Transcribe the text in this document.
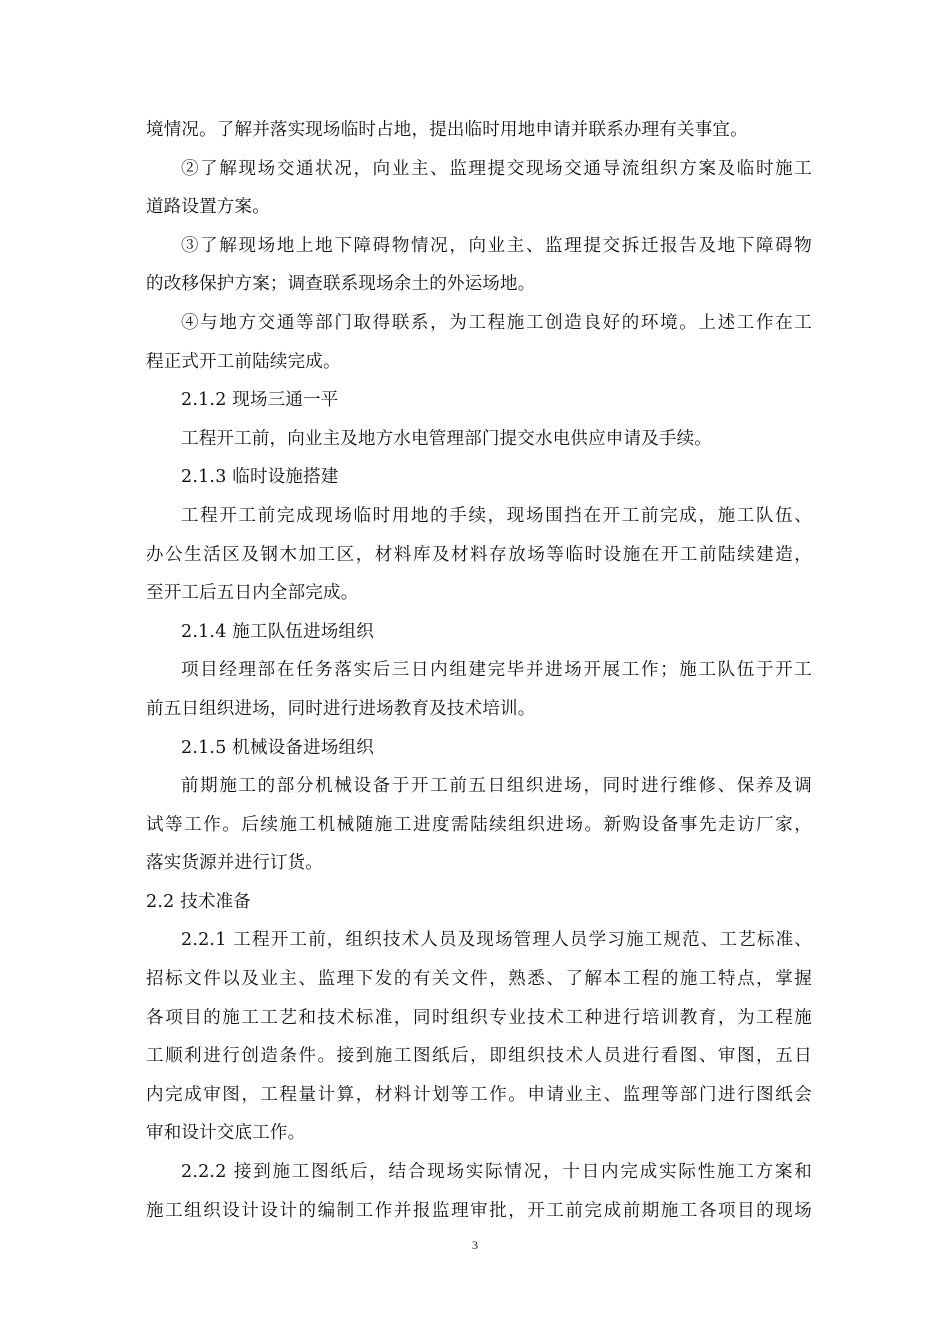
境情况。了解并落实现场临时占地，提出临时用地申请并联系办理有关事宜。
②了解现场交通状况，向业主、监理提交现场交通导流组织方案及临时施工
道路设置方案。
③了解现场地上地下障碍物情况，向业主、监理提交拆迁报告及地下障碍物
的改移保护方案；调查联系现场余土的外运场地。
④与地方交通等部门取得联系，为工程施工创造良好的环境。上述工作在工
程正式开工前陆续完成。
2.1.2 现场三通一平
工程开工前，向业主及地方水电管理部门提交水电供应申请及手续。
2.1.3 临时设施搭建
工程开工前完成现场临时用地的手续，现场围挡在开工前完成，施工队伍、
办公生活区及钢木加工区，材料库及材料存放场等临时设施在开工前陆续建造，
至开工后五日内全部完成。
2.1.4 施工队伍进场组织
项目经理部在任务落实后三日内组建完毕并进场开展工作；施工队伍于开工
前五日组织进场，同时进行进场教育及技术培训。
2.1.5 机械设备进场组织
前期施工的部分机械设备于开工前五日组织进场，同时进行维修、保养及调
试等工作。后续施工机械随施工进度需陆续组织进场。新购设备事先走访厂家，
落实货源并进行订货。
2.2 技术准备
2.2.1 工程开工前，组织技术人员及现场管理人员学习施工规范、工艺标准、
招标文件以及业主、监理下发的有关文件，熟悉、了解本工程的施工特点，掌握
各项目的施工工艺和技术标准，同时组织专业技术工种进行培训教育，为工程施
工顺利进行创造条件。接到施工图纸后，即组织技术人员进行看图、审图，五日
内完成审图，工程量计算，材料计划等工作。申请业主、监理等部门进行图纸会
审和设计交底工作。
2.2.2 接到施工图纸后，结合现场实际情况，十日内完成实际性施工方案和
施工组织设计设计的编制工作并报监理审批，开工前完成前期施工各项目的现场
3
